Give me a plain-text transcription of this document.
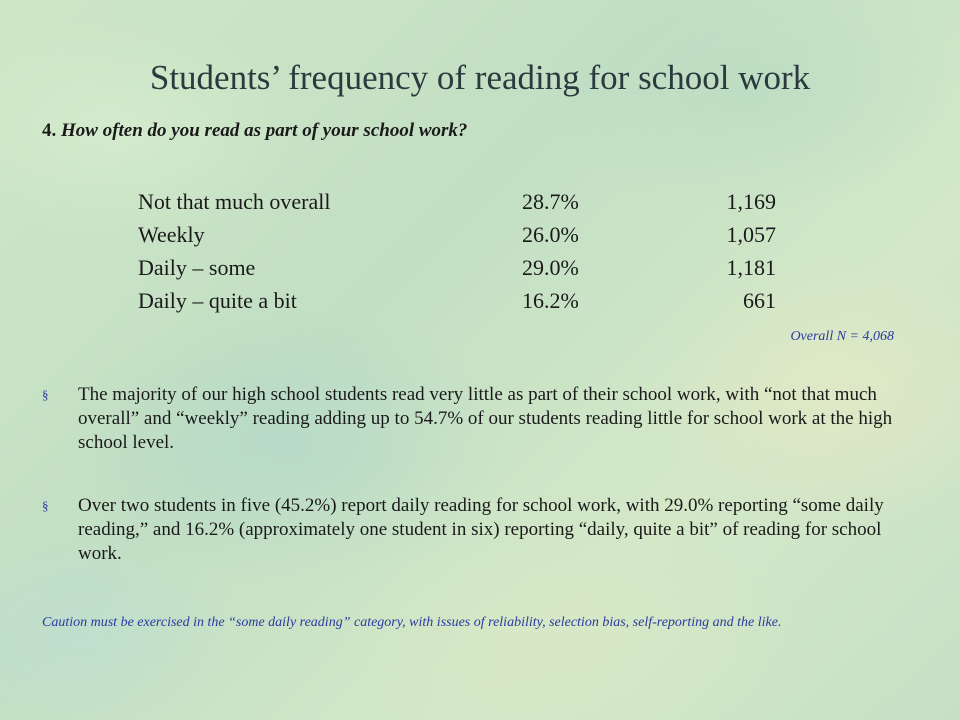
Students’ frequency of reading for school work
4. How often do you read as part of your school work?
Not that much overall	28.7%	1,169
Weekly	26.0%	1,057
Daily – some	29.0%	1,181
Daily – quite a bit	16.2%	661
Overall N = 4,068
§ The majority of our high school students read very little as part of their school work, with “not that much overall” and “weekly” reading adding up to 54.7% of our students reading little for school work at the high school level.
§ Over two students in five (45.2%) report daily reading for school work, with 29.0% reporting “some daily reading,” and 16.2% (approximately one student in six) reporting “daily, quite a bit” of reading for school work.
Caution must be exercised in the “some daily reading” category, with issues of reliability, selection bias, self-reporting and the like.
